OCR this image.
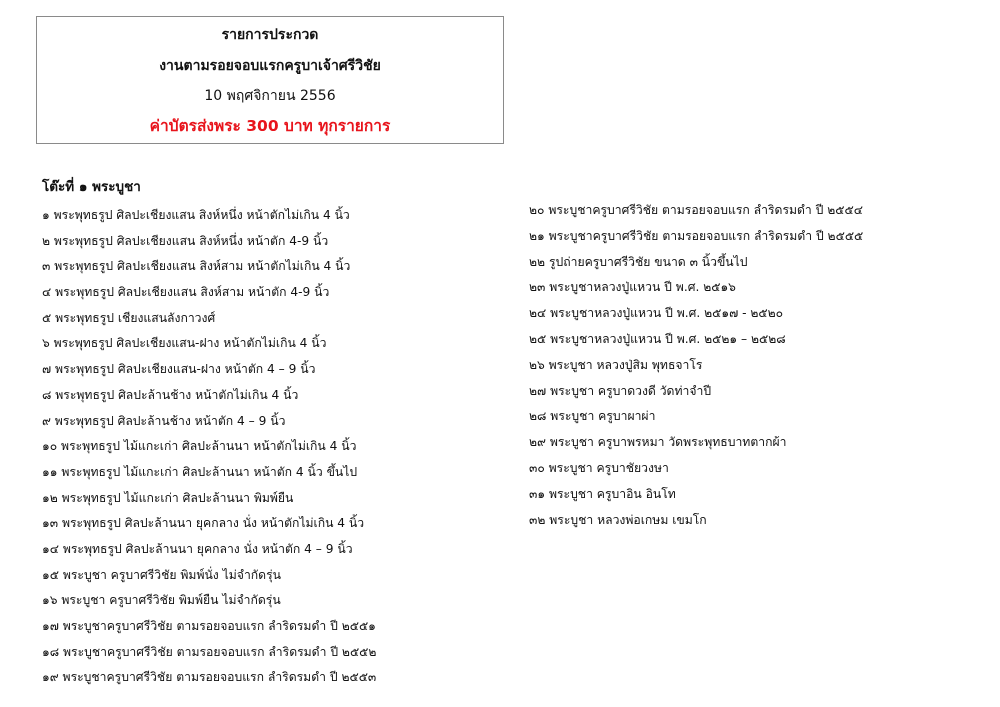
รายการประกวด
งานตามรอยจอบแรกครูบาเจ้าศรีวิชัย
10 พฤศจิกายน 2556
ค่าบัตรส่งพระ 300 บาท ทุกรายการ
โต๊ะที่ ๑ พระบูชา
๑ พระพุทธรูป ศิลปะเชียงแสน สิงห์หนึ่ง หน้าตักไม่เกิน 4 นิ้ว
๒ พระพุทธรูป ศิลปะเชียงแสน สิงห์หนึ่ง หน้าตัก 4-9 นิ้ว
๓ พระพุทธรูป ศิลปะเชียงแสน สิงห์สาม หน้าตักไม่เกิน 4 นิ้ว
๔ พระพุทธรูป ศิลปะเชียงแสน สิงห์สาม หน้าตัก 4-9 นิ้ว
๕ พระพุทธรูป เชียงแสนลังกาวงศ์
๖ พระพุทธรูป ศิลปะเชียงแสน-ฝาง หน้าตักไม่เกิน 4 นิ้ว
๗ พระพุทธรูป ศิลปะเชียงแสน-ฝาง หน้าตัก 4 – 9 นิ้ว
๘ พระพุทธรูป ศิลปะล้านช้าง หน้าตักไม่เกิน 4 นิ้ว
๙ พระพุทธรูป ศิลปะล้านช้าง หน้าตัก 4 – 9 นิ้ว
๑๐ พระพุทธรูป ไม้แกะเก่า ศิลปะล้านนา หน้าตักไม่เกิน 4 นิ้ว
๑๑ พระพุทธรูป ไม้แกะเก่า ศิลปะล้านนา หน้าตัก 4 นิ้ว ขึ้นไป
๑๒ พระพุทธรูป ไม้แกะเก่า ศิลปะล้านนา พิมพ์ยืน
๑๓ พระพุทธรูป ศิลปะล้านนา ยุคกลาง นั่ง หน้าตักไม่เกิน 4 นิ้ว
๑๔ พระพุทธรูป ศิลปะล้านนา ยุคกลาง นั่ง หน้าตัก 4 – 9 นิ้ว
๑๕ พระบูชา ครูบาศรีวิชัย พิมพ์นั่ง ไม่จำกัดรุ่น
๑๖ พระบูชา ครูบาศรีวิชัย พิมพ์ยืน ไม่จำกัดรุ่น
๑๗ พระบูชาครูบาศรีวิชัย ตามรอยจอบแรก ลำริดรมดำ ปี ๒๕๕๑
๑๘ พระบูชาครูบาศรีวิชัย ตามรอยจอบแรก ลำริดรมดำ ปี ๒๕๕๒
๑๙ พระบูชาครูบาศรีวิชัย ตามรอยจอบแรก ลำริดรมดำ ปี ๒๕๕๓
๒๐ พระบูชาครูบาศรีวิชัย ตามรอยจอบแรก ลำริดรมดำ ปี ๒๕๕๔
๒๑ พระบูชาครูบาศรีวิชัย ตามรอยจอบแรก ลำริดรมดำ ปี ๒๕๕๕
๒๒ รูปถ่ายครูบาศรีวิชัย ขนาด ๓ นิ้วขึ้นไป
๒๓ พระบูชาหลวงปู่แหวน ปี พ.ศ. ๒๕๑๖
๒๔ พระบูชาหลวงปู่แหวน ปี พ.ศ. ๒๕๑๗ - ๒๕๒๐
๒๕ พระบูชาหลวงปู่แหวน ปี พ.ศ. ๒๕๒๑ – ๒๕๒๘
๒๖ พระบูชา หลวงปู่สิม พุทธจาโร
๒๗ พระบูชา ครูบาดวงดี วัดท่าจำปี
๒๘ พระบูชา ครูบาผาผ่า
๒๙ พระบูชา ครูบาพรหมา วัดพระพุทธบาทตากผ้า
๓๐ พระบูชา ครูบาชัยวงษา
๓๑ พระบูชา ครูบาอิน อินโท
๓๒ พระบูชา หลวงพ่อเกษม เขมโก
